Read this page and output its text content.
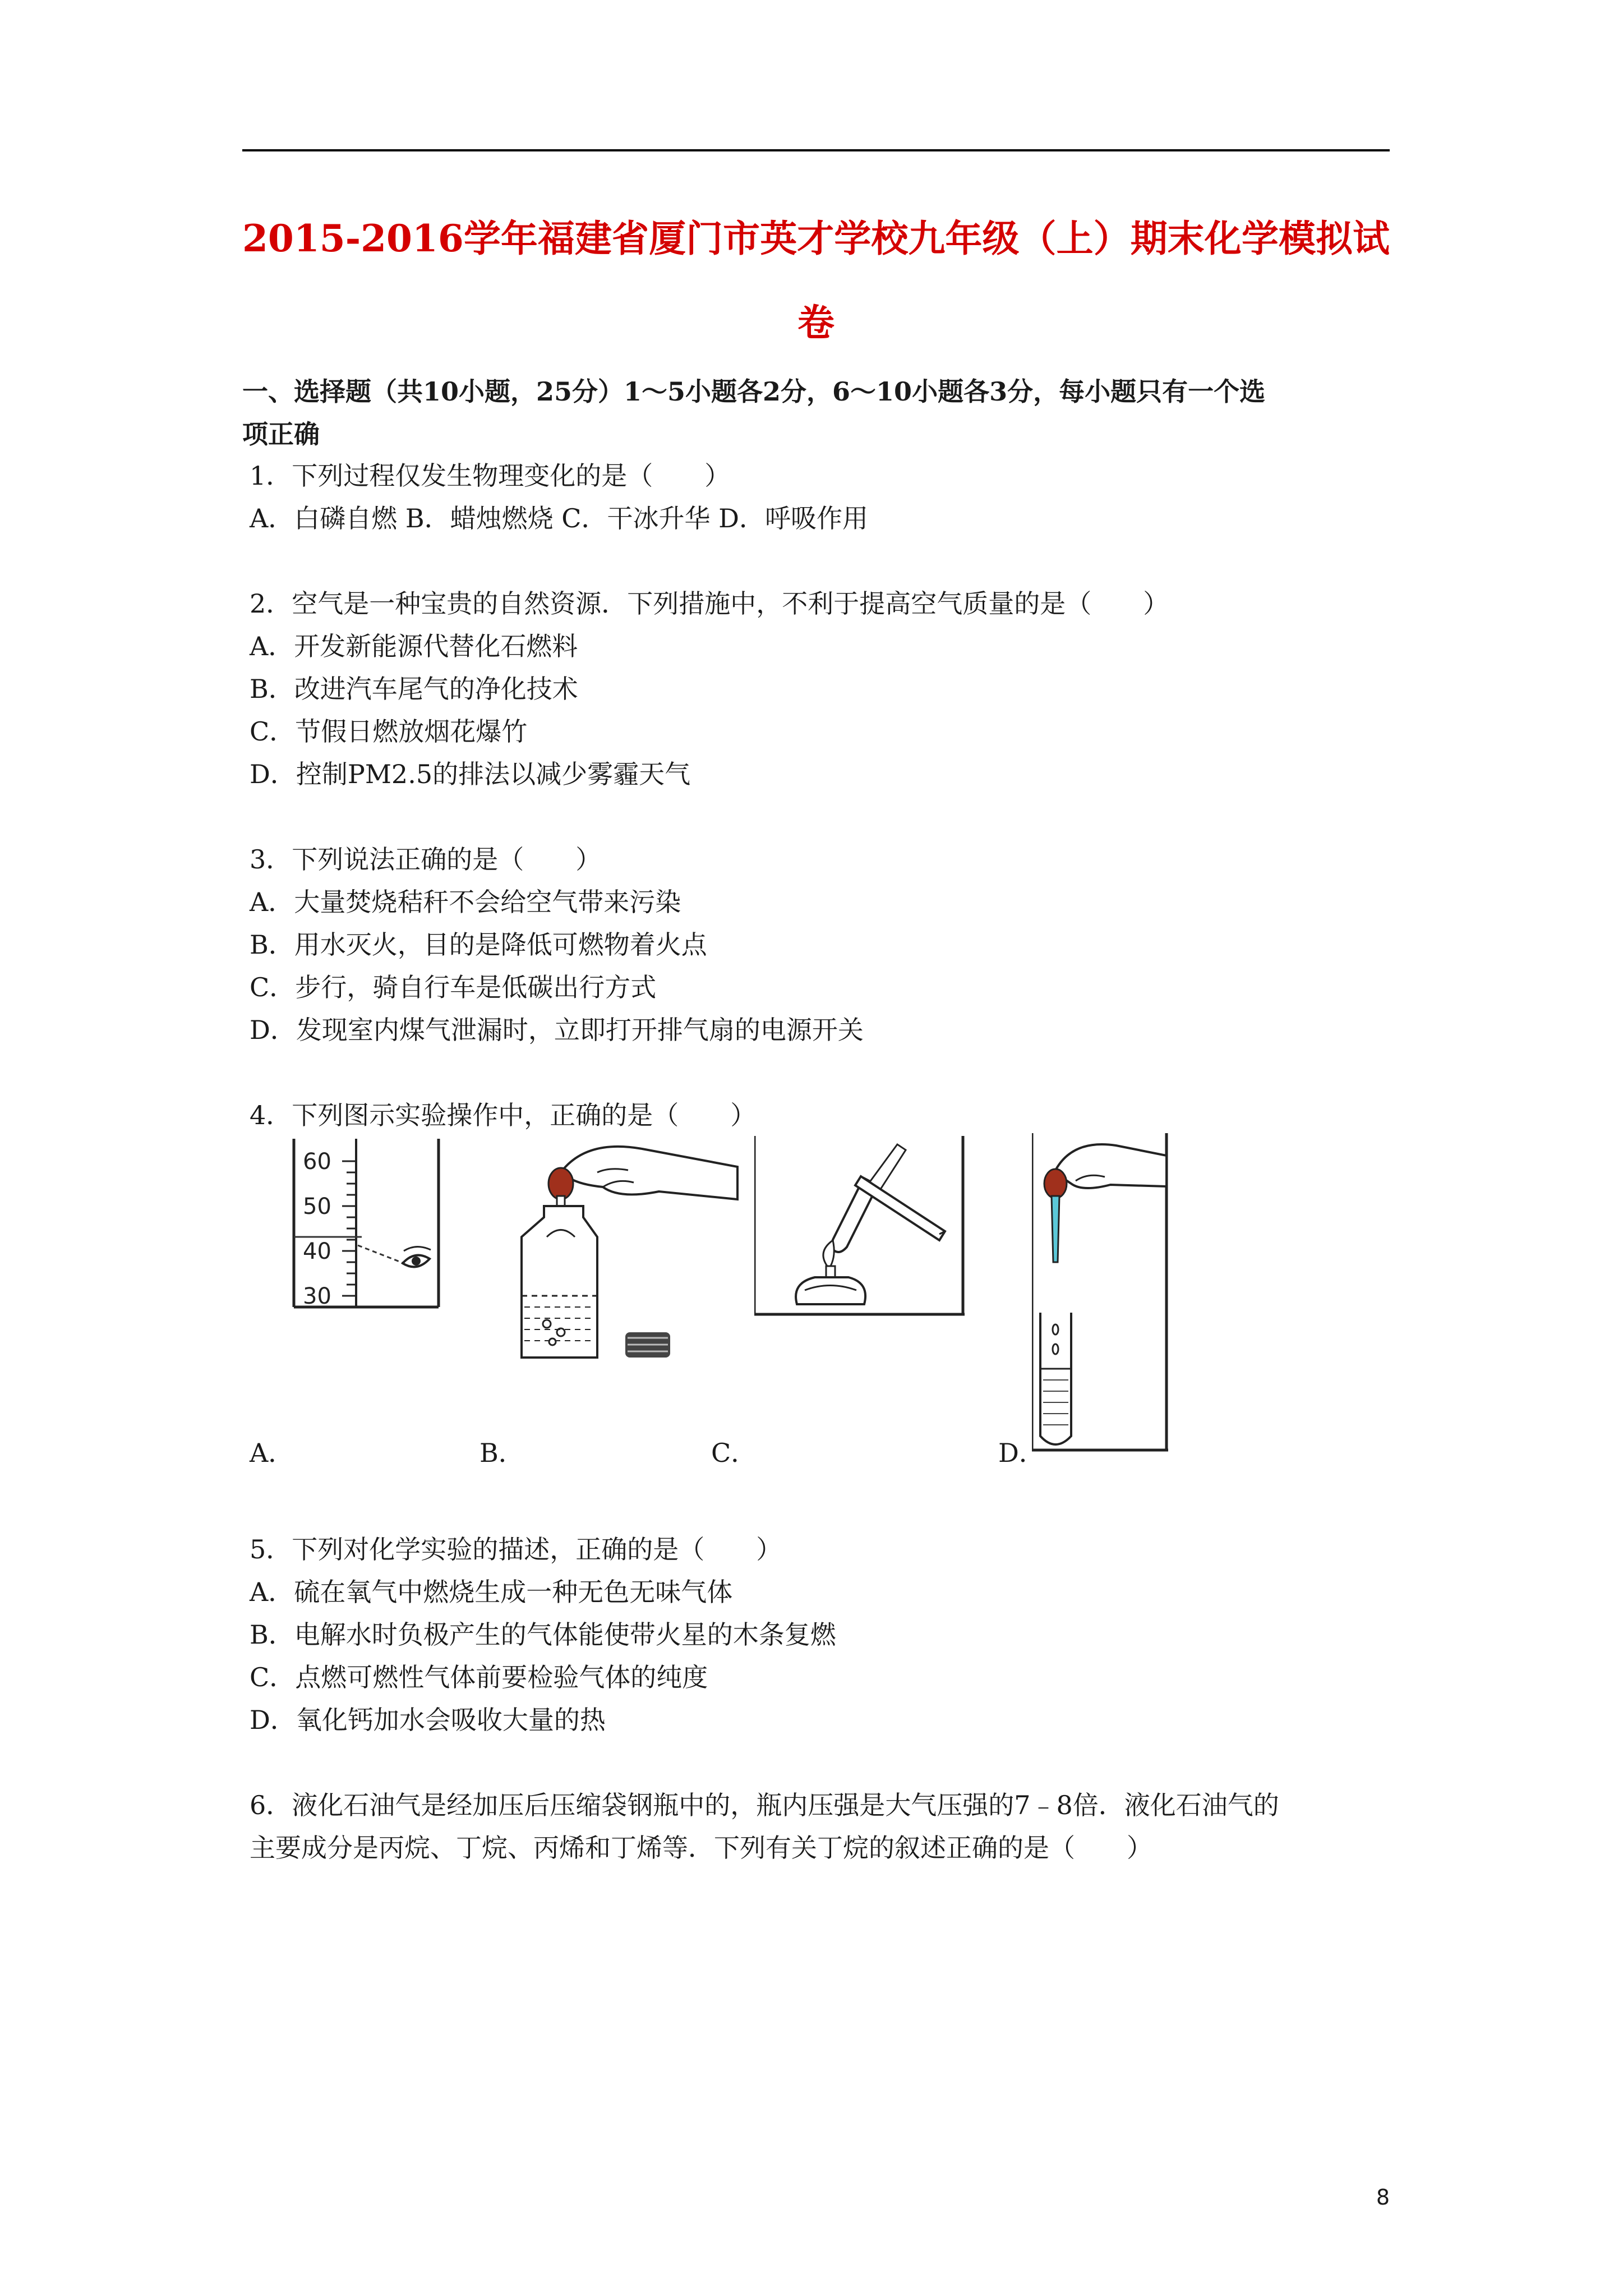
2015-2016学年福建省厦门市英才学校九年级（上）期末化学模拟试
卷
一、选择题（共10小题，25分）1～5小题各2分，6～10小题各3分，每小题只有一个选
项正确
1．下列过程仅发生物理变化的是（　　）
A．白磷自燃 B．蜡烛燃烧 C．干冰升华 D．呼吸作用
2．空气是一种宝贵的自然资源．下列措施中，不利于提高空气质量的是（　　）
A．开发新能源代替化石燃料
B．改进汽车尾气的净化技术
C．节假日燃放烟花爆竹
D．控制PM2.5的排法以减少雾霾天气
3．下列说法正确的是（　　）
A．大量焚烧秸秆不会给空气带来污染
B．用水灭火，目的是降低可燃物着火点
C．步行，骑自行车是低碳出行方式
D．发现室内煤气泄漏时，立即打开排气扇的电源开关
4．下列图示实验操作中，正确的是（　　）
60
50
40
30
A．	B．	C．	D．
5．下列对化学实验的描述，正确的是（　　）
A．硫在氧气中燃烧生成一种无色无味气体
B．电解水时负极产生的气体能使带火星的木条复燃
C．点燃可燃性气体前要检验气体的纯度
D．氧化钙加水会吸收大量的热
6．液化石油气是经加压后压缩袋钢瓶中的，瓶内压强是大气压强的7﹣8倍．液化石油气的
主要成分是丙烷、丁烷、丙烯和丁烯等．下列有关丁烷的叙述正确的是（　　）
8
